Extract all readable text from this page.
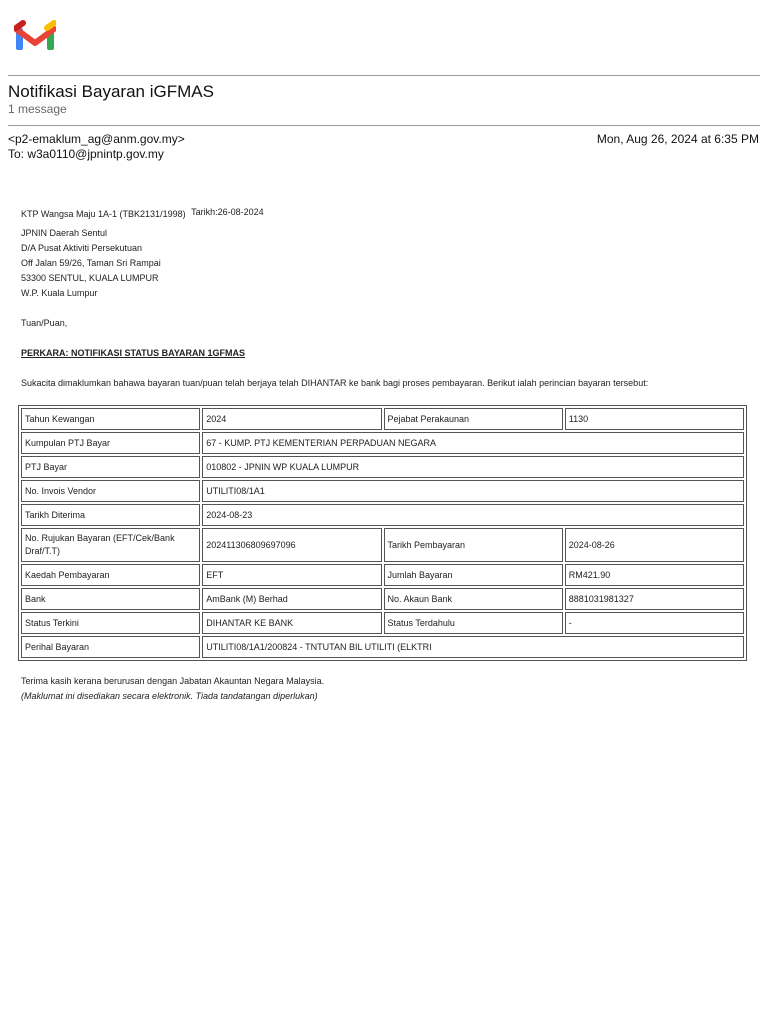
Notifikasi Bayaran iGFMAS
1 message
<p2-emaklum_ag@anm.gov.my>
To: w3a0110@jpnintp.gov.my
Mon, Aug 26, 2024 at 6:35 PM
KTP Wangsa Maju 1A-1 (TBK2131/1998) Tarikh:26-08-2024
JPNIN Daerah Sentul
D/A Pusat Aktiviti Persekutuan
Off Jalan 59/26, Taman Sri Rampai
53300 SENTUL, KUALA LUMPUR
W.P. Kuala Lumpur
Tuan/Puan,
PERKARA: NOTIFIKASI STATUS BAYARAN 1GFMAS
Sukacita dimaklumkan bahawa bayaran tuan/puan telah berjaya telah DIHANTAR ke bank bagi proses pembayaran. Berikut ialah perincian bayaran tersebut:
Tahun Kewangan	2024	Pejabat Perakaunan	1130
Kumpulan PTJ Bayar	67 - KUMP. PTJ KEMENTERIAN PERPADUAN NEGARA		
PTJ Bayar	010802 - JPNIN WP KUALA LUMPUR		
No. Invois Vendor	UTILITI08/1A1		
Tarikh Diterima	2024-08-23		
No. Rujukan Bayaran (EFT/Cek/Bank Draf/T.T)	202411306809697096	Tarikh Pembayaran	2024-08-26
Kaedah Pembayaran	EFT	Jumlah Bayaran	RM421.90
Bank	AmBank (M) Berhad	No. Akaun Bank	8881031981327
Status Terkini	DIHANTAR KE BANK	Status Terdahulu	-
Perihal Bayaran	UTILITI08/1A1/200824 - TNTUTAN BIL UTILITI (ELKTRI		
Terima kasih kerana berurusan dengan Jabatan Akauntan Negara Malaysia.
(Maklumat ini disediakan secara elektronik. Tiada tandatangan diperlukan)
